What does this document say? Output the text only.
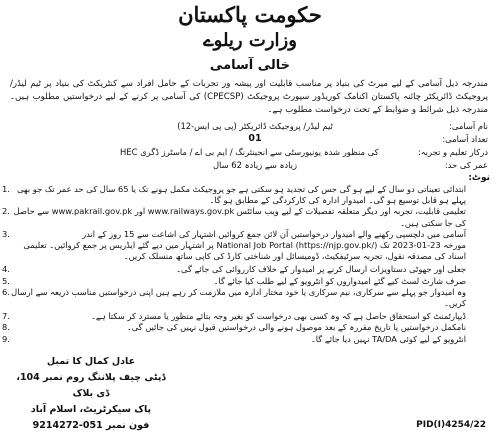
حکومت پاکستان
وزارت ریلوے
خالی آسامی
مندرجہ ذیل آسامی کے لیے میرٹ کی بنیاد پر مناسب قابلیت اور پیشہ ور تجربات کے حامل افراد سے کنٹریکٹ کی بنیاد پر ٹیم لیڈر/ پروجیکٹ ڈائریکٹر چائنہ پاکستان اکنامک کوریڈور سپورٹ پروجیکٹ (CPECSP) کی آسامی پر کرنے کے لیے درخواستیں مطلوب ہیں۔ مندرجہ ذیل شرائط و ضوابط کے تحت درخواست مطلوب ہے۔
نام آسامی:
ٹیم لیڈر/ پروجیکٹ ڈائریکٹر (پی پی ایس-12)
تعداد آسامی:
01
درکار تعلیم و تجربہ:
HEC کی منظور شدہ یونیورسٹی سے انجینئرنگ / ایم بی اے / ماسٹرز ڈگری
عمر کی حد:
زیادہ سے زیادہ 62 سال
نوٹ:
1. ابتدائی تعیناتی دو سال کے لیے ہو گی جس کی تجدید ہو سکتی ہے جو پروجیکٹ مکمل ہونے تک یا 65 سال کی حد عمر تک جو بھی پہلے ہو قابل توسیع ہو گی۔ امیدوار ادارہ کی کارکردگی کے مطابق ہو گا۔
2. تعلیمی قابلیت، تجربہ اور دیگر متعلقہ تفصیلات کے لیے ویب سائٹس www.railways.gov.pk اور www.pakrail.gov.pk سے حاصل کی جا سکتی ہیں۔
3.	آسامی میں دلچسپی رکھنے والے امیدوار درخواستیں آن لائن جمع کروائیں اشتہار کی اشاعت سے 15 روز کے اندر
مورخہ 23-01-2023 تک National Job Portal (https://njp.gov.pk/) پر اشتہار میں دیے گئے ایڈریس پر جمع کروائیں۔ تعلیمی اسناد کی مصدقہ نقول، تجربہ سرٹیفکیٹ، ڈومیسائل اور شناختی کارڈ کی کاپی ساتھ منسلک کریں۔
4.	جعلی اور جھوٹی دستاویزات ارسال کرنے پر امیدوار کے خلاف کارروائی کی جائے گی۔
5.	صرف شارٹ لسٹ کیے گئے امیدواروں کو انٹرویو کے لیے طلب کیا جائے گا۔
6. وہ امیدوار جو پہلے سے سرکاری، نیم سرکاری یا خود مختار ادارہ میں ملازمت کر رہے ہیں اپنی درخواستیں مناسب ذریعہ سے ارسال کریں۔
7.	ڈیپارٹمنٹ کو استحقاق حاصل ہے کہ وہ کسی بھی درخواست کو بغیر وجہ بتائے منظور یا مسترد کر سکتا ہے۔
8.	نامکمل درخواستیں یا تاریخ مقررہ کے بعد موصول ہونے والی درخواستیں قبول نہیں کی جائیں گی۔
9.	انٹرویو کے لیے کوئی TA/DA نہیں دیا جائے گا۔
عادل کمال کا تمبل
ڈپٹی چیف پلاننگ روم نمبر 104، ڈی بلاک
پاک سیکرٹریٹ، اسلام آباد
فون نمبر 051-9214272	PID(I)4254/22
